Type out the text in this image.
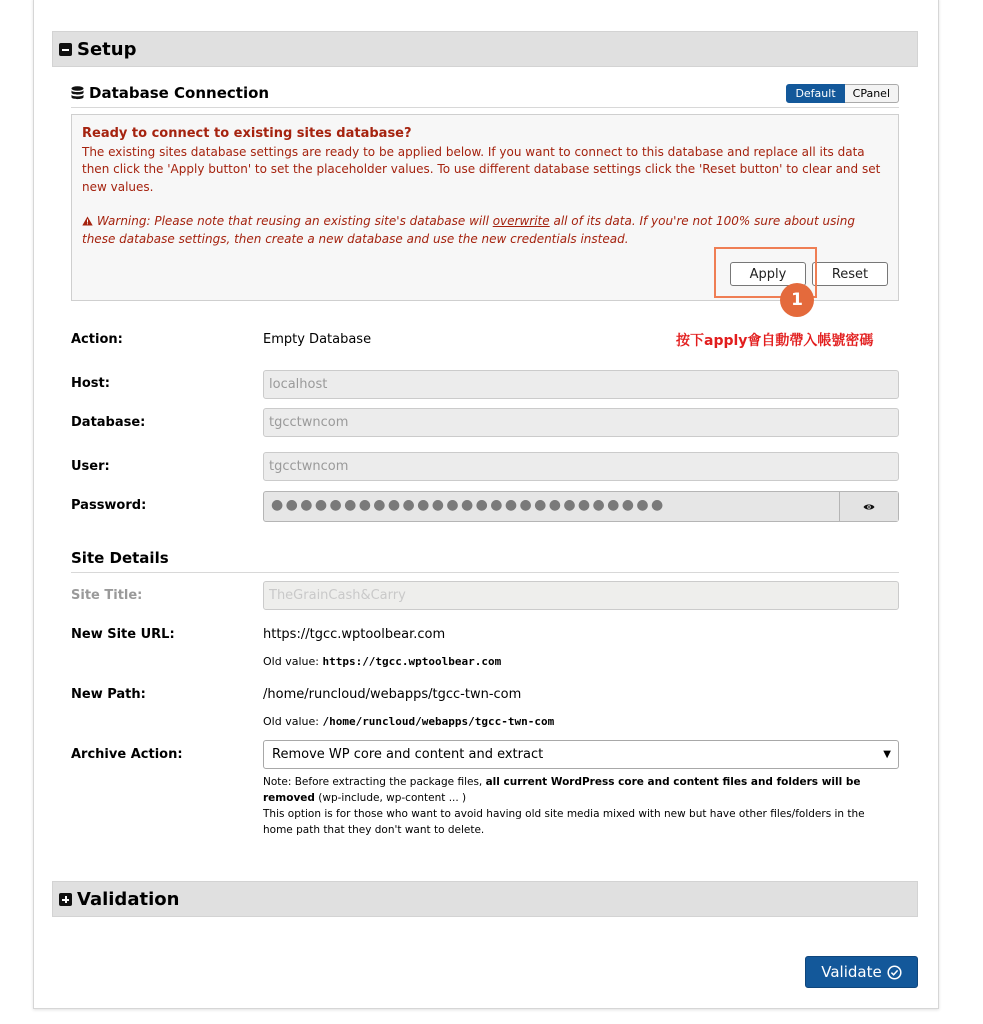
Setup
Database Connection	Default	CPanel
Ready to connect to existing sites database?

The existing sites database settings are ready to be applied below. If you want to connect to this database and replace all its data then click the 'Apply button' to set the placeholder values. To use different database settings click the 'Reset button' to clear and set new values.

Warning: Please note that reusing an existing site's database will overwrite all of its data. If you're not 100% sure about using these database settings, then create a new database and use the new credentials instead.
Apply	Reset
1
按下apply會自動帶入帳號密碼
Action:	Empty Database
Host:	localhost
Database:	tgcctwncom
User:	tgcctwncom
Password:	●●●●●●●●●●●●●●●●●●●●●●●●●●●
Site Details
Site Title:	TheGrainCash&Carry
New Site URL:	https://tgcc.wptoolbear.com
Old value: https://tgcc.wptoolbear.com
New Path:	/home/runcloud/webapps/tgcc-twn-com
Old value: /home/runcloud/webapps/tgcc-twn-com
Archive Action:	Remove WP core and content and extract	▼
Note: Before extracting the package files, all current WordPress core and content files and folders will be removed (wp-include, wp-content ... )
This option is for those who want to avoid having old site media mixed with new but have other files/folders in the home path that they don't want to delete.
Validation
Validate
